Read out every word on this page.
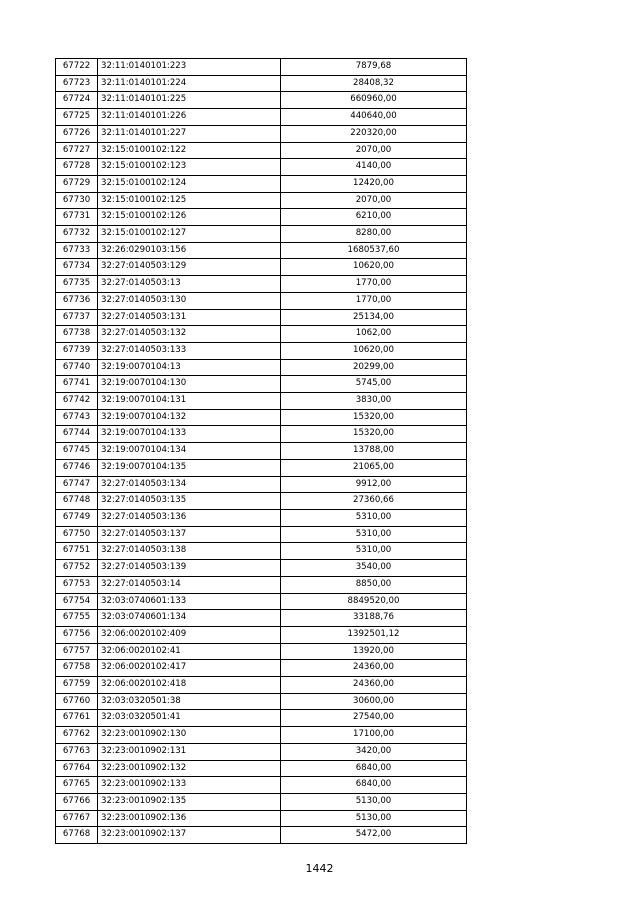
67722	32:11:0140101:223	7879,68
67723	32:11:0140101:224	28408,32
67724	32:11:0140101:225	660960,00
67725	32:11:0140101:226	440640,00
67726	32:11:0140101:227	220320,00
67727	32:15:0100102:122	2070,00
67728	32:15:0100102:123	4140,00
67729	32:15:0100102:124	12420,00
67730	32:15:0100102:125	2070,00
67731	32:15:0100102:126	6210,00
67732	32:15:0100102:127	8280,00
67733	32:26:0290103:156	1680537,60
67734	32:27:0140503:129	10620,00
67735	32:27:0140503:13	1770,00
67736	32:27:0140503:130	1770,00
67737	32:27:0140503:131	25134,00
67738	32:27:0140503:132	1062,00
67739	32:27:0140503:133	10620,00
67740	32:19:0070104:13	20299,00
67741	32:19:0070104:130	5745,00
67742	32:19:0070104:131	3830,00
67743	32:19:0070104:132	15320,00
67744	32:19:0070104:133	15320,00
67745	32:19:0070104:134	13788,00
67746	32:19:0070104:135	21065,00
67747	32:27:0140503:134	9912,00
67748	32:27:0140503:135	27360,66
67749	32:27:0140503:136	5310,00
67750	32:27:0140503:137	5310,00
67751	32:27:0140503:138	5310,00
67752	32:27:0140503:139	3540,00
67753	32:27:0140503:14	8850,00
67754	32:03:0740601:133	8849520,00
67755	32:03:0740601:134	33188,76
67756	32:06:0020102:409	1392501,12
67757	32:06:0020102:41	13920,00
67758	32:06:0020102:417	24360,00
67759	32:06:0020102:418	24360,00
67760	32:03:0320501:38	30600,00
67761	32:03:0320501:41	27540,00
67762	32:23:0010902:130	17100,00
67763	32:23:0010902:131	3420,00
67764	32:23:0010902:132	6840,00
67765	32:23:0010902:133	6840,00
67766	32:23:0010902:135	5130,00
67767	32:23:0010902:136	5130,00
67768	32:23:0010902:137	5472,00
1442
